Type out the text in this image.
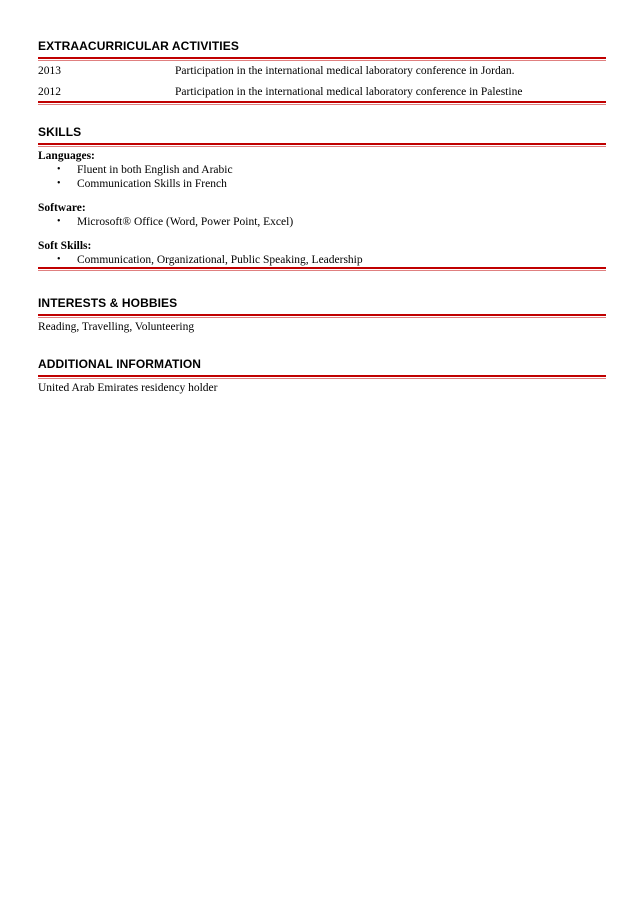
EXTRAACURRICULAR ACTIVITIES
2013	Participation in the international medical laboratory conference in Jordan.
2012	Participation in the international medical laboratory conference in Palestine
SKILLS
Languages:
•	Fluent in both English and Arabic
•	Communication Skills in French
Software:
•	Microsoft® Office (Word, Power Point, Excel)
Soft Skills:
•	Communication, Organizational, Public Speaking, Leadership
INTERESTS & HOBBIES
Reading, Travelling, Volunteering
ADDITIONAL INFORMATION
United Arab Emirates residency holder
